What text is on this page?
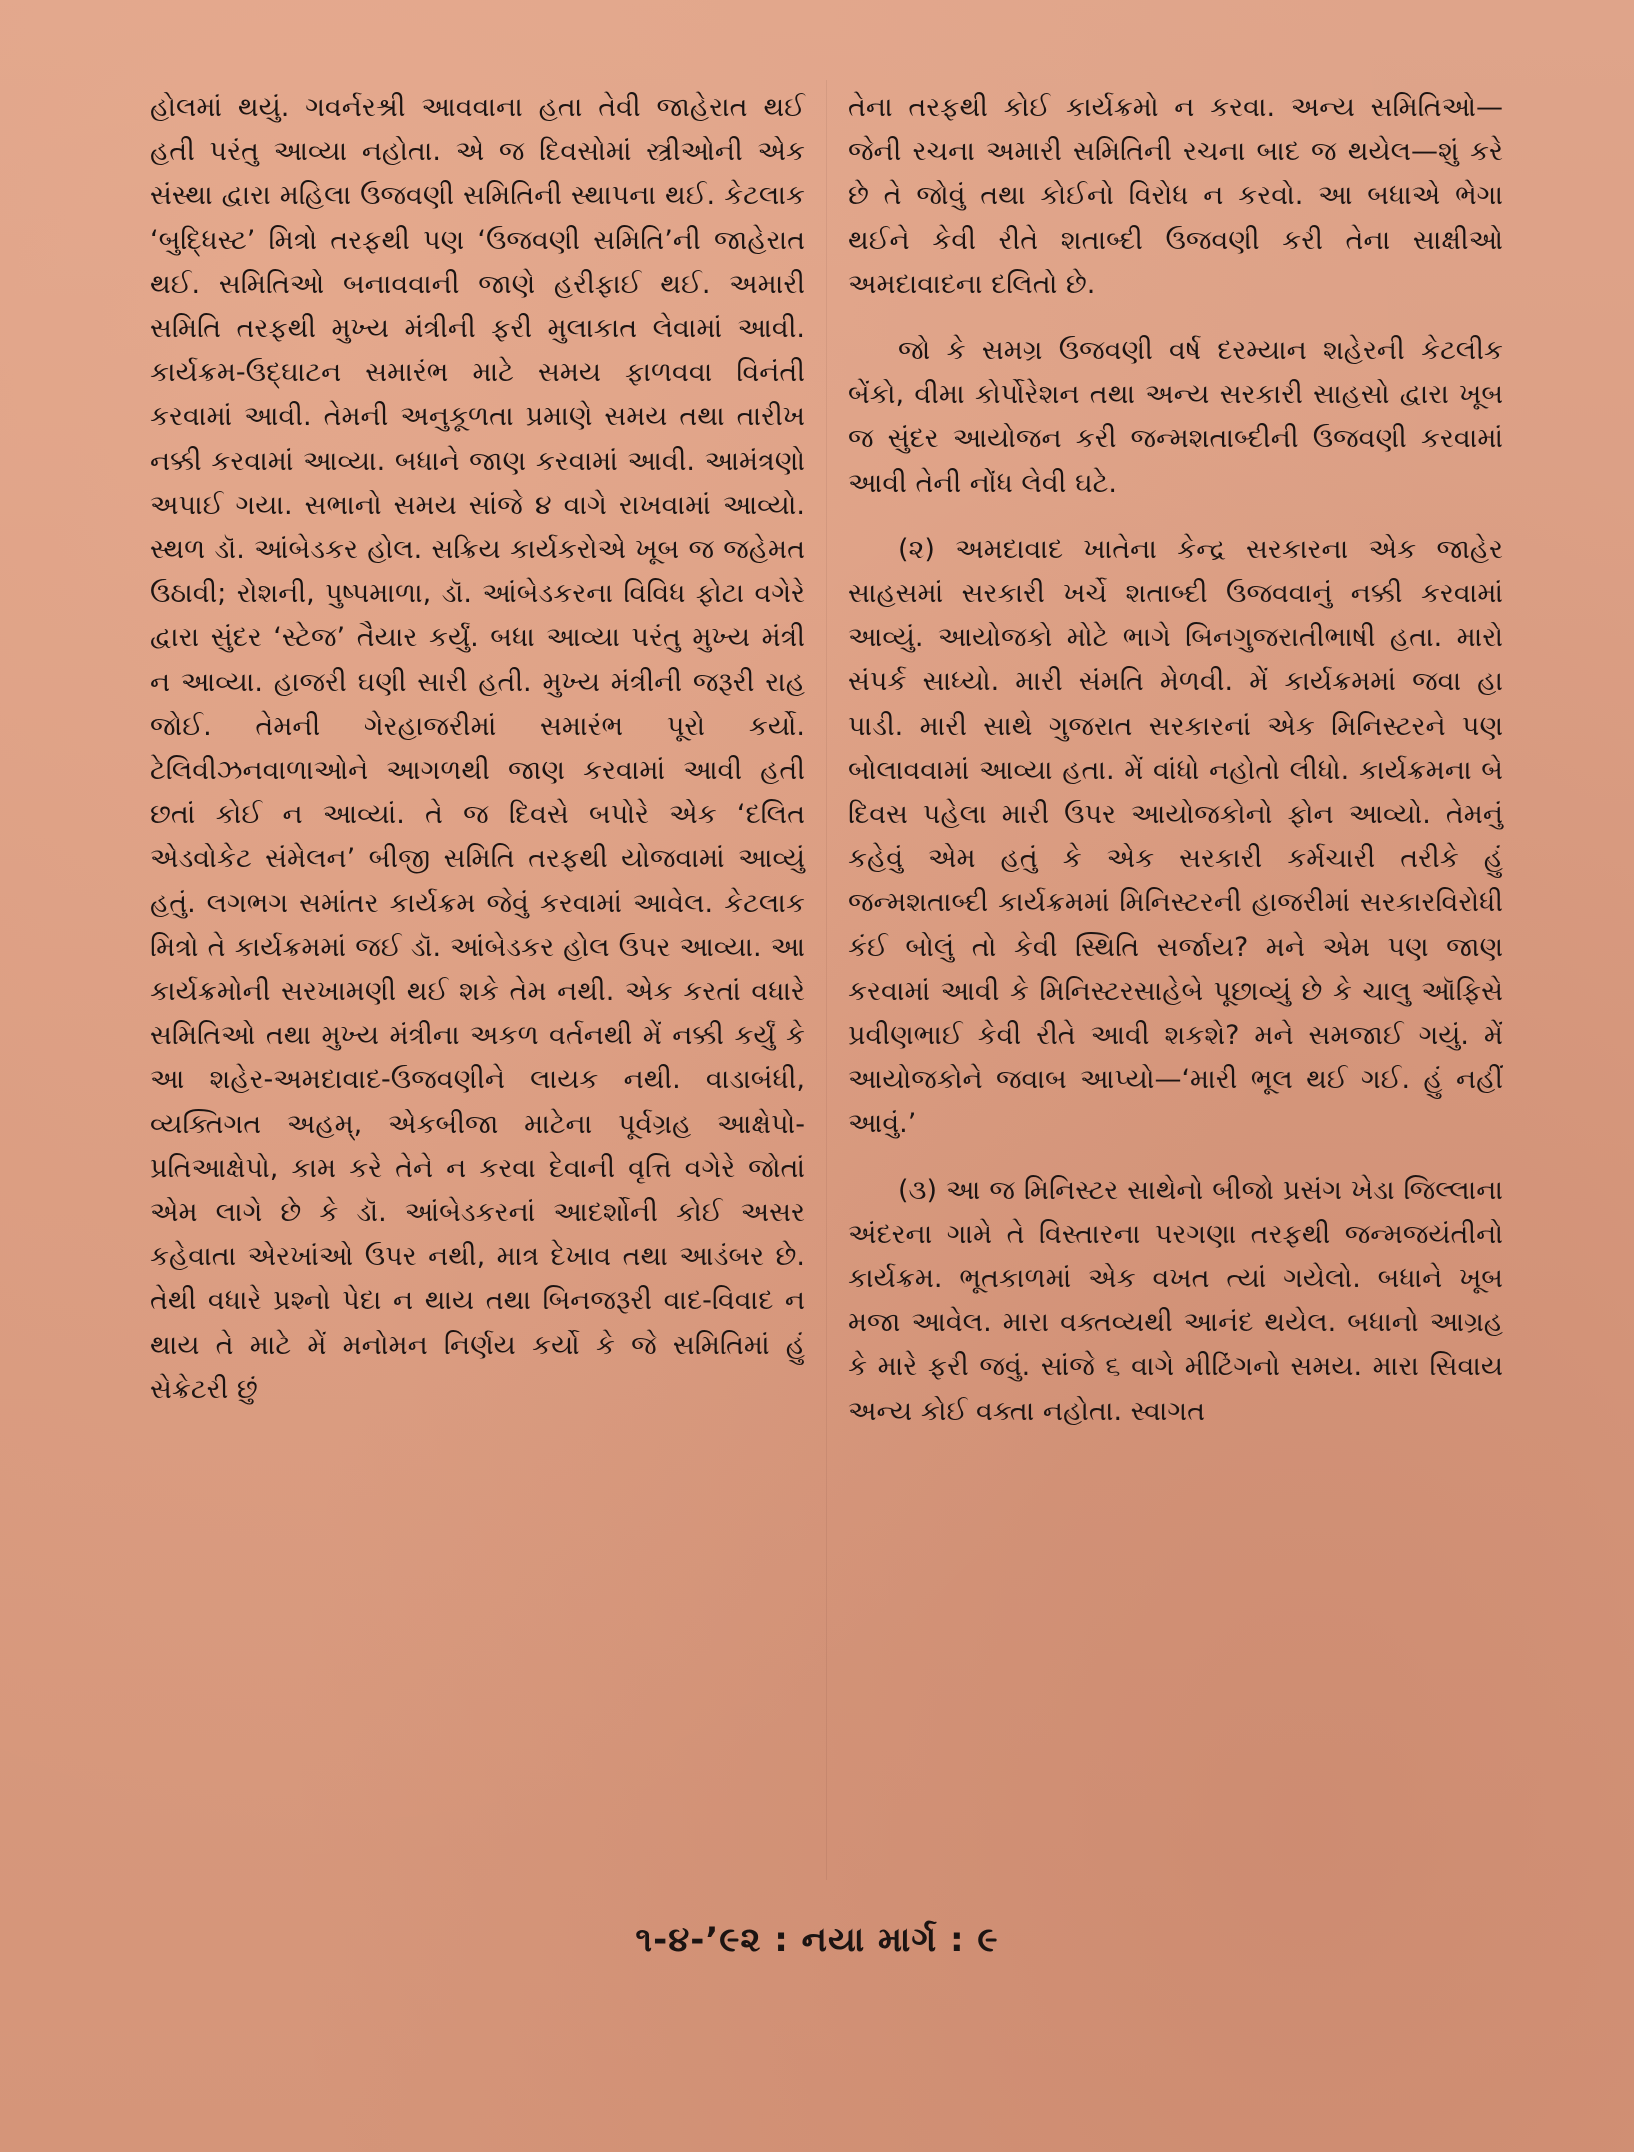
હોલમાં થયું. ગવર્નરશ્રી આવવાના હતા તેવી જાહેરાત થઈ હતી પરંતુ આવ્યા નહોતા. એ જ દિવસોમાં સ્ત્રીઓની એક સંસ્થા દ્વારા મહિલા ઉજવણી સમિતિની સ્થાપના થઈ. કેટલાક ‘બુદ્ધિસ્ટ’ મિત્રો તરફથી પણ ‘ઉજવણી સમિતિ’ની જાહેરાત થઈ. સમિતિઓ બનાવવાની જાણે હરીફાઈ થઈ. અમારી સમિતિ તરફથી મુખ્ય મંત્રીની ફરી મુલાકાત લેવામાં આવી. કાર્યક્રમ-ઉદ્ઘાટન સમારંભ માટે સમય ફાળવવા વિનંતી કરવામાં આવી. તેમની અનુકૂળતા પ્રમાણે સમય તથા તારીખ નક્કી કરવામાં આવ્યા. બધાને જાણ કરવામાં આવી. આમંત્રણો અપાઈ ગયા. સભાનો સમય સાંજે ૪ વાગે રાખવામાં આવ્યો. સ્થળ ડૉ. આંબેડકર હોલ. સક્રિય કાર્યકરોએ ખૂબ જ જહેમત ઉઠાવી; રોશની, પુષ્પમાળા, ડૉ. આંબેડકરના વિવિધ ફોટા વગેરે દ્વારા સુંદર ‘સ્ટેજ’ તૈયાર કર્યું. બધા આવ્યા પરંતુ મુખ્ય મંત્રી ન આવ્યા. હાજરી ઘણી સારી હતી. મુખ્ય મંત્રીની જરૂરી રાહ જોઈ. તેમની ગેરહાજરીમાં સમારંભ પૂરો કર્યો. ટેલિવીઝનવાળાઓને આગળથી જાણ કરવામાં આવી હતી છતાં કોઈ ન આવ્યાં. તે જ દિવસે બપોરે એક ‘દલિત એડવોકેટ સંમેલન’ બીજી સમિતિ તરફથી યોજવામાં આવ્યું હતું. લગભગ સમાંતર કાર્યક્રમ જેવું કરવામાં આવેલ. કેટલાક મિત્રો તે કાર્યક્રમમાં જઈ ડૉ. આંબેડકર હોલ ઉપર આવ્યા. આ કાર્યક્રમોની સરખામણી થઈ શકે તેમ નથી. એક કરતાં વધારે સમિતિઓ તથા મુખ્ય મંત્રીના અકળ વર્તનથી મેં નક્કી કર્યું કે આ શહેર-અમદાવાદ-ઉજવણીને લાયક નથી. વાડાબંધી, વ્યક્તિગત અહમ્, એકબીજા માટેના પૂર્વગ્રહ આક્ષેપો-પ્રતિઆક્ષેપો, કામ કરે તેને ન કરવા દેવાની વૃત્તિ વગેરે જોતાં એમ લાગે છે કે ડૉ. આંબેડકરનાં આદર્શોની કોઈ અસર કહેવાતા એરખાંઓ ઉપર નથી, માત્ર દેખાવ તથા આડંબર છે. તેથી વધારે પ્રશ્નો પેદા ન થાય તથા બિનજરૂરી વાદ-વિવાદ ન થાય તે માટે મેં મનોમન નિર્ણય કર્યો કે જે સમિતિમાં હું સેક્રેટરી છું

તેના તરફથી કોઈ કાર્યક્રમો ન કરવા. અન્ય સમિતિઓ—જેની રચના અમારી સમિતિની રચના બાદ જ થયેલ—શું કરે છે તે જોવું તથા કોઈનો વિરોધ ન કરવો. આ બધાએ ભેગા થઈને કેવી રીતે શતાબ્દી ઉજવણી કરી તેના સાક્ષીઓ અમદાવાદના દલિતો છે.

જો કે સમગ્ર ઉજવણી વર્ષ દરમ્યાન શહેરની કેટલીક બેંકો, વીમા કોર્પોરેશન તથા અન્ય સરકારી સાહસો દ્વારા ખૂબ જ સુંદર આયોજન કરી જન્મશતાબ્દીની ઉજવણી કરવામાં આવી તેની નોંધ લેવી ઘટે.

(૨) અમદાવાદ ખાતેના કેન્દ્ર સરકારના એક જાહેર સાહસમાં સરકારી ખર્ચે શતાબ્દી ઉજવવાનું નક્કી કરવામાં આવ્યું. આયોજકો મોટે ભાગે બિનગુજરાતીભાષી હતા. મારો સંપર્ક સાધ્યો. મારી સંમતિ મેળવી. મેં કાર્યક્રમમાં જવા હા પાડી. મારી સાથે ગુજરાત સરકારનાં એક મિનિસ્ટરને પણ બોલાવવામાં આવ્યા હતા. મેં વાંધો નહોતો લીધો. કાર્યક્રમના બે દિવસ પહેલા મારી ઉપર આયોજકોનો ફોન આવ્યો. તેમનું કહેવું એમ હતું કે એક સરકારી કર્મચારી તરીકે હું જન્મશતાબ્દી કાર્યક્રમમાં મિનિસ્ટરની હાજરીમાં સરકારવિરોધી કંઈ બોલું તો કેવી સ્થિતિ સર્જાય? મને એમ પણ જાણ કરવામાં આવી કે મિનિસ્ટરસાહેબે પૂછાવ્યું છે કે ચાલુ ઑફિસે પ્રવીણભાઈ કેવી રીતે આવી શકશે? મને સમજાઈ ગયું. મેં આયોજકોને જવાબ આપ્યો—‘મારી ભૂલ થઈ ગઈ. હું નહીં આવું.’

(૩) આ જ મિનિસ્ટર સાથેનો બીજો પ્રસંગ ખેડા જિલ્લાના અંદરના ગામે તે વિસ્તારના પરગણા તરફથી જન્મજયંતીનો કાર્યક્રમ. ભૂતકાળમાં એક વખત ત્યાં ગયેલો. બધાને ખૂબ મજા આવેલ. મારા વક્તવ્યથી આનંદ થયેલ. બધાનો આગ્રહ કે મારે ફરી જવું. સાંજે ૬ વાગે મીટિંગનો સમય. મારા સિવાય અન્ય કોઈ વક્તા નહોતા. સ્વાગત

૧-૪-’૯૨ : નયા માર્ગ : ૯
